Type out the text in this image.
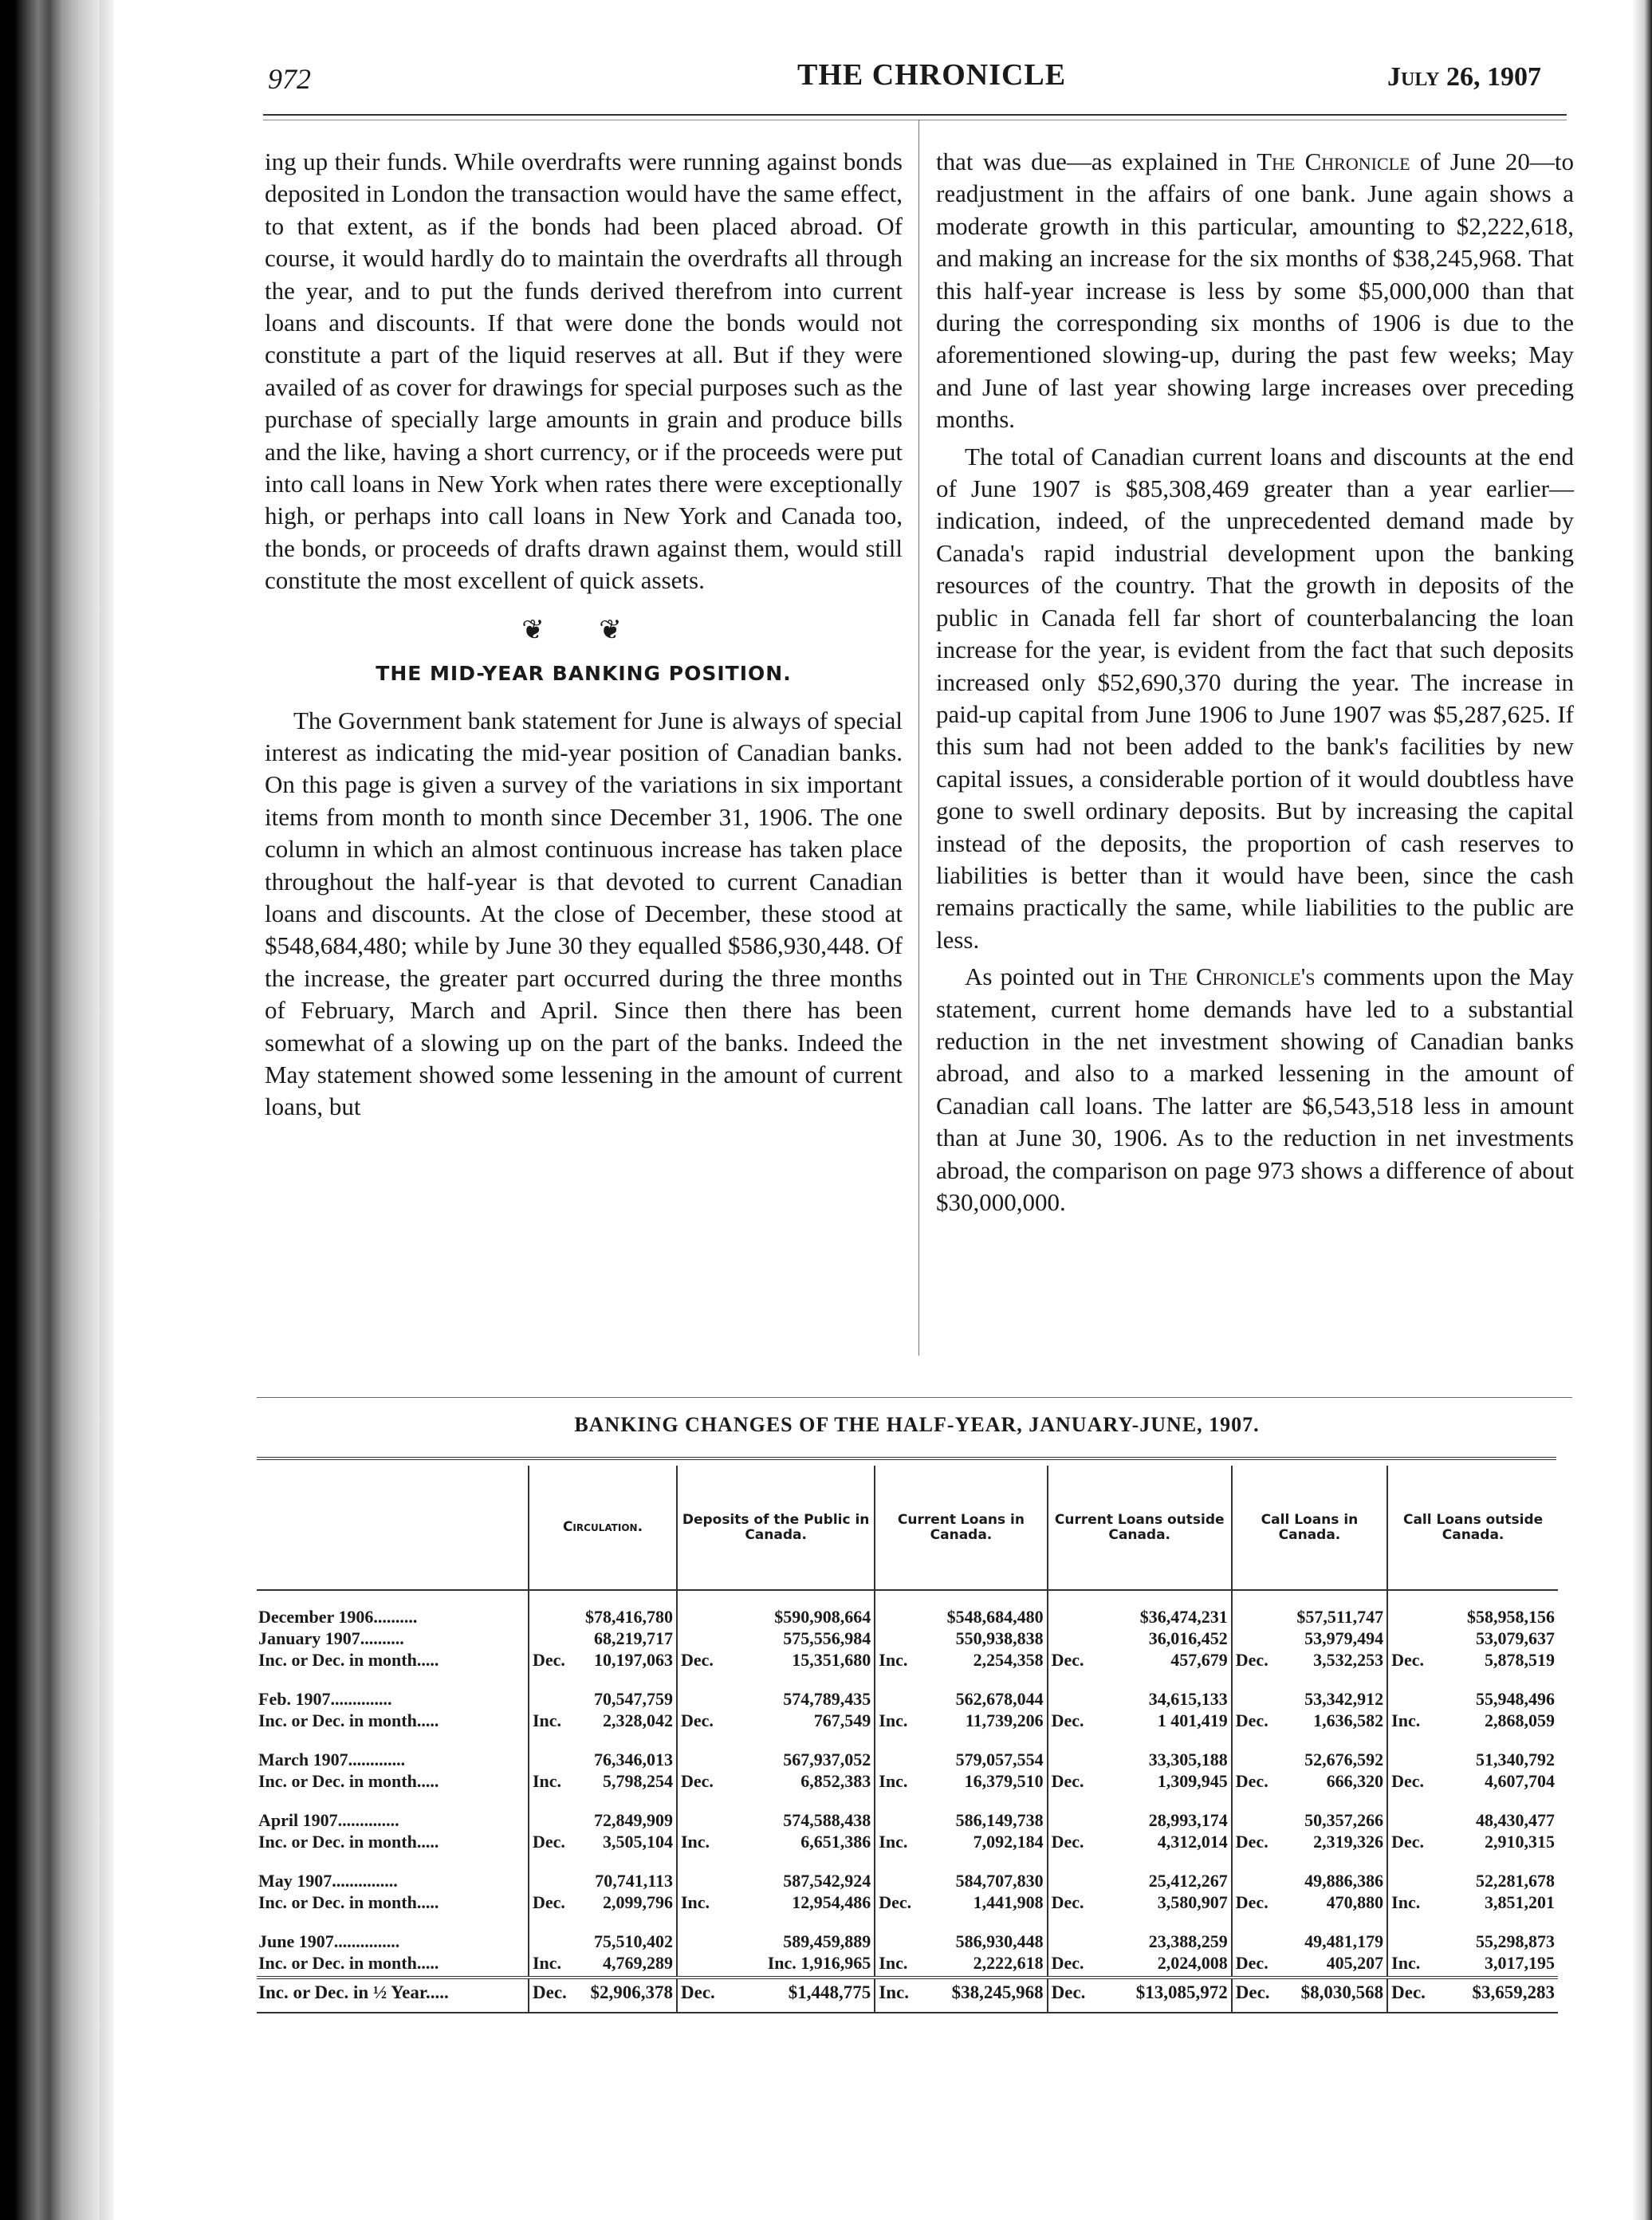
972	THE CHRONICLE	July 26, 1907

ing up their funds. While overdrafts were running against bonds deposited in London the transaction would have the same effect, to that extent, as if the bonds had been placed abroad. Of course, it would hardly do to maintain the overdrafts all through the year, and to put the funds derived therefrom into current loans and discounts. If that were done the bonds would not constitute a part of the liquid reserves at all. But if they were availed of as cover for drawings for special purposes such as the purchase of specially large amounts in grain and produce bills and the like, having a short currency, or if the proceeds were put into call loans in New York when rates there were exceptionally high, or perhaps into call loans in New York and Canada too, the bonds, or proceeds of drafts drawn against them, would still constitute the most excellent of quick assets.

❦ ❦
THE MID-YEAR BANKING POSITION.

The Government bank statement for June is always of special interest as indicating the mid-year position of Canadian banks. On this page is given a survey of the variations in six important items from month to month since December 31, 1906. The one column in which an almost continuous increase has taken place throughout the half-year is that devoted to current Canadian loans and discounts. At the close of December, these stood at $548,684,480; while by June 30 they equalled $586,930,448. Of the increase, the greater part occurred during the three months of February, March and April. Since then there has been somewhat of a slowing up on the part of the banks. Indeed the May statement showed some lessening in the amount of current loans, but

that was due—as explained in The Chronicle of June 20—to readjustment in the affairs of one bank. June again shows a moderate growth in this particular, amounting to $2,222,618, and making an increase for the six months of $38,245,968. That this half-year increase is less by some $5,000,000 than that during the corresponding six months of 1906 is due to the aforementioned slowing-up, during the past few weeks; May and June of last year showing large increases over preceding months.

The total of Canadian current loans and discounts at the end of June 1907 is $85,308,469 greater than a year earlier—indication, indeed, of the unprecedented demand made by Canada's rapid industrial development upon the banking resources of the country. That the growth in deposits of the public in Canada fell far short of counterbalancing the loan increase for the year, is evident from the fact that such deposits increased only $52,690,370 during the year. The increase in paid-up capital from June 1906 to June 1907 was $5,287,625. If this sum had not been added to the bank's facilities by new capital issues, a considerable portion of it would doubtless have gone to swell ordinary deposits. But by increasing the capital instead of the deposits, the proportion of cash reserves to liabilities is better than it would have been, since the cash remains practically the same, while liabilities to the public are less.

As pointed out in The Chronicle's comments upon the May statement, current home demands have led to a substantial reduction in the net investment showing of Canadian banks abroad, and also to a marked lessening in the amount of Canadian call loans. The latter are $6,543,518 less in amount than at June 30, 1906. As to the reduction in net investments abroad, the comparison on page 973 shows a difference of about $30,000,000.

BANKING CHANGES OF THE HALF-YEAR, JANUARY-JUNE, 1907.
	Circulation.		Deposits of the Public in Canada.		Current Loans in Canada.		Current Loans outside Canada.		Call Loans in Canada.		Call Loans outside Canada.	
December 1906..........		$78,416,780		$590,908,664		$548,684,480		$36,474,231		$57,511,747		$58,958,156
January 1907..........		68,219,717		575,556,984		550,938,838		36,016,452		53,979,494		53,079,637
Inc. or Dec. in month.....	Dec.	10,197,063	Dec.	15,351,680	Inc.	2,254,358	Dec.	457,679	Dec.	3,532,253	Dec.	5,878,519
Feb. 1907..............		70,547,759		574,789,435		562,678,044		34,615,133		53,342,912		55,948,496
Inc. or Dec. in month.....	Inc.	2,328,042	Dec.	767,549	Inc.	11,739,206	Dec.	1 401,419	Dec.	1,636,582	Inc.	2,868,059
March 1907.............		76,346,013		567,937,052		579,057,554		33,305,188		52,676,592		51,340,792
Inc. or Dec. in month.....	Inc.	5,798,254	Dec.	6,852,383	Inc.	16,379,510	Dec.	1,309,945	Dec.	666,320	Dec.	4,607,704
April 1907..............		72,849,909		574,588,438		586,149,738		28,993,174		50,357,266		48,430,477
Inc. or Dec. in month.....	Dec.	3,505,104	Inc.	6,651,386	Inc.	7,092,184	Dec.	4,312,014	Dec.	2,319,326	Dec.	2,910,315
May 1907...............		70,741,113		587,542,924		584,707,830		25,412,267		49,886,386		52,281,678
Inc. or Dec. in month.....	Dec.	2,099,796	Inc.	12,954,486	Dec.	1,441,908	Dec.	3,580,907	Dec.	470,880	Inc.	3,851,201
June 1907...............		75,510,402		589,459,889		586,930,448		23,388,259		49,481,179		55,298,873
Inc. or Dec. in month.....	Inc.	4,769,289		Inc. 1,916,965	Inc.	2,222,618	Dec.	2,024,008	Dec.	405,207	Inc.	3,017,195
Inc. or Dec. in ½ Year.....	Dec.	$2,906,378	Dec.	$1,448,775	Inc.	$38,245,968	Dec.	$13,085,972	Dec.	$8,030,568	Dec.	$3,659,283
